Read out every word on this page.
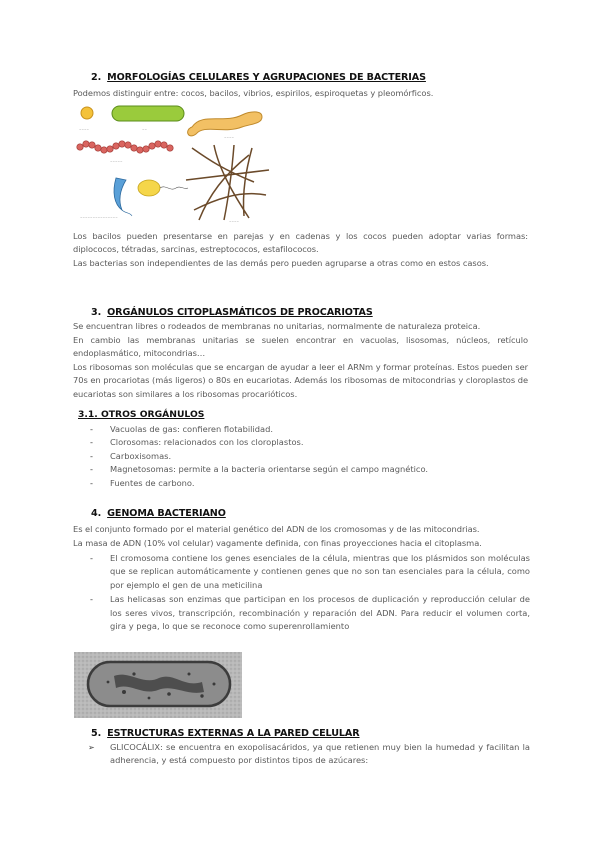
2. MORFOLOGÍAS CELULARES Y AGRUPACIONES DE BACTERIAS
Podemos distinguir entre: cocos, bacilos, vibrios, espirilos, espiroquetas y pleomórficos.
~~~~	~~
~~~~
~~~~~
~~~~
~~~~~~~~~~~~~~~
Los bacilos pueden presentarse en parejas y en cadenas y los cocos pueden adoptar varias formas: diplococos, tétradas, sarcinas, estreptococos, estafilococos.
Las bacterias son independientes de las demás pero pueden agruparse a otras como en estos casos.
3. ORGÁNULOS CITOPLASMÁTICOS DE PROCARIOTAS
Se encuentran libres o rodeados de membranas no unitarias, normalmente de naturaleza proteica.
En cambio las membranas unitarias se suelen encontrar en vacuolas, lisosomas, núcleos, retículo endoplasmático, mitocondrias…
Los ribosomas son moléculas que se encargan de ayudar a leer el ARNm y formar proteínas. Estos pueden ser 70s en procariotas (más ligeros) o 80s en eucariotas. Además los ribosomas de mitocondrias y cloroplastos de eucariotas son similares a los ribosomas procarióticos.
3.1. OTROS ORGÁNULOS
- Vacuolas de gas: confieren flotabilidad.
- Clorosomas: relacionados con los cloroplastos.
- Carboxisomas.
- Magnetosomas: permite a la bacteria orientarse según el campo magnético.
- Fuentes de carbono.
4. GENOMA BACTERIANO
Es el conjunto formado por el material genético del ADN de los cromosomas y de las mitocondrias.
La masa de ADN (10% vol celular) vagamente definida, con finas proyecciones hacia el citoplasma.
- El cromosoma contiene los genes esenciales de la célula, mientras que los plásmidos son moléculas que se replican automáticamente y contienen genes que no son tan esenciales para la célula, como por ejemplo el gen de una meticilina
- Las helicasas son enzimas que participan en los procesos de duplicación y reproducción celular de los seres vivos, transcripción, recombinación y reparación del ADN. Para reducir el volumen corta, gira y pega, lo que se reconoce como superenrollamiento
5. ESTRUCTURAS EXTERNAS A LA PARED CELULAR
➢ GLICOCÁLIX: se encuentra en exopolisacáridos, ya que retienen muy bien la humedad y facilitan la adherencia, y está compuesto por distintos tipos de azúcares:
